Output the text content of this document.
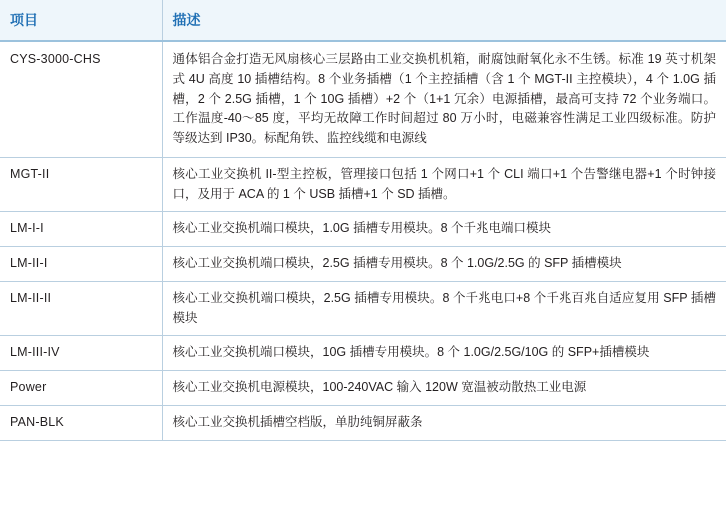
项目	描述
CYS-3000-CHS	通体铝合金打造无风扇核心三层路由工业交换机机箱，耐腐蚀耐氧化永不生锈。标准 19 英寸机架式 4U 高度 10 插槽结构。8 个业务插槽（1 个主控插槽（含 1 个 MGT-II 主控模块），4 个 1.0G 插槽，2 个 2.5G 插槽，1 个 10G 插槽）+2 个（1+1 冗余）电源插槽，最高可支持 72 个业务端口。工作温度-40～85 度，平均无故障工作时间超过 80 万小时，电磁兼容性满足工业四级标准。防护等级达到 IP30。标配角铁、监控线缆和电源线
MGT-II	核心工业交换机 II-型主控板，管理接口包括 1 个网口+1 个 CLI 端口+1 个告警继电器+1 个时钟接口，及用于 ACA 的 1 个 USB 插槽+1 个 SD 插槽。
LM-I-I	核心工业交换机端口模块，1.0G 插槽专用模块。8 个千兆电端口模块
LM-II-I	核心工业交换机端口模块，2.5G 插槽专用模块。8 个 1.0G/2.5G 的 SFP 插槽模块
LM-II-II	核心工业交换机端口模块，2.5G 插槽专用模块。8 个千兆电口+8 个千兆百兆自适应复用 SFP 插槽模块
LM-III-IV	核心工业交换机端口模块，10G 插槽专用模块。8 个 1.0G/2.5G/10G 的 SFP+插槽模块
Power	核心工业交换机电源模块，100-240VAC 输入 120W 宽温被动散热工业电源
PAN-BLK	核心工业交换机插槽空档版，单肋纯铜屏蔽条
